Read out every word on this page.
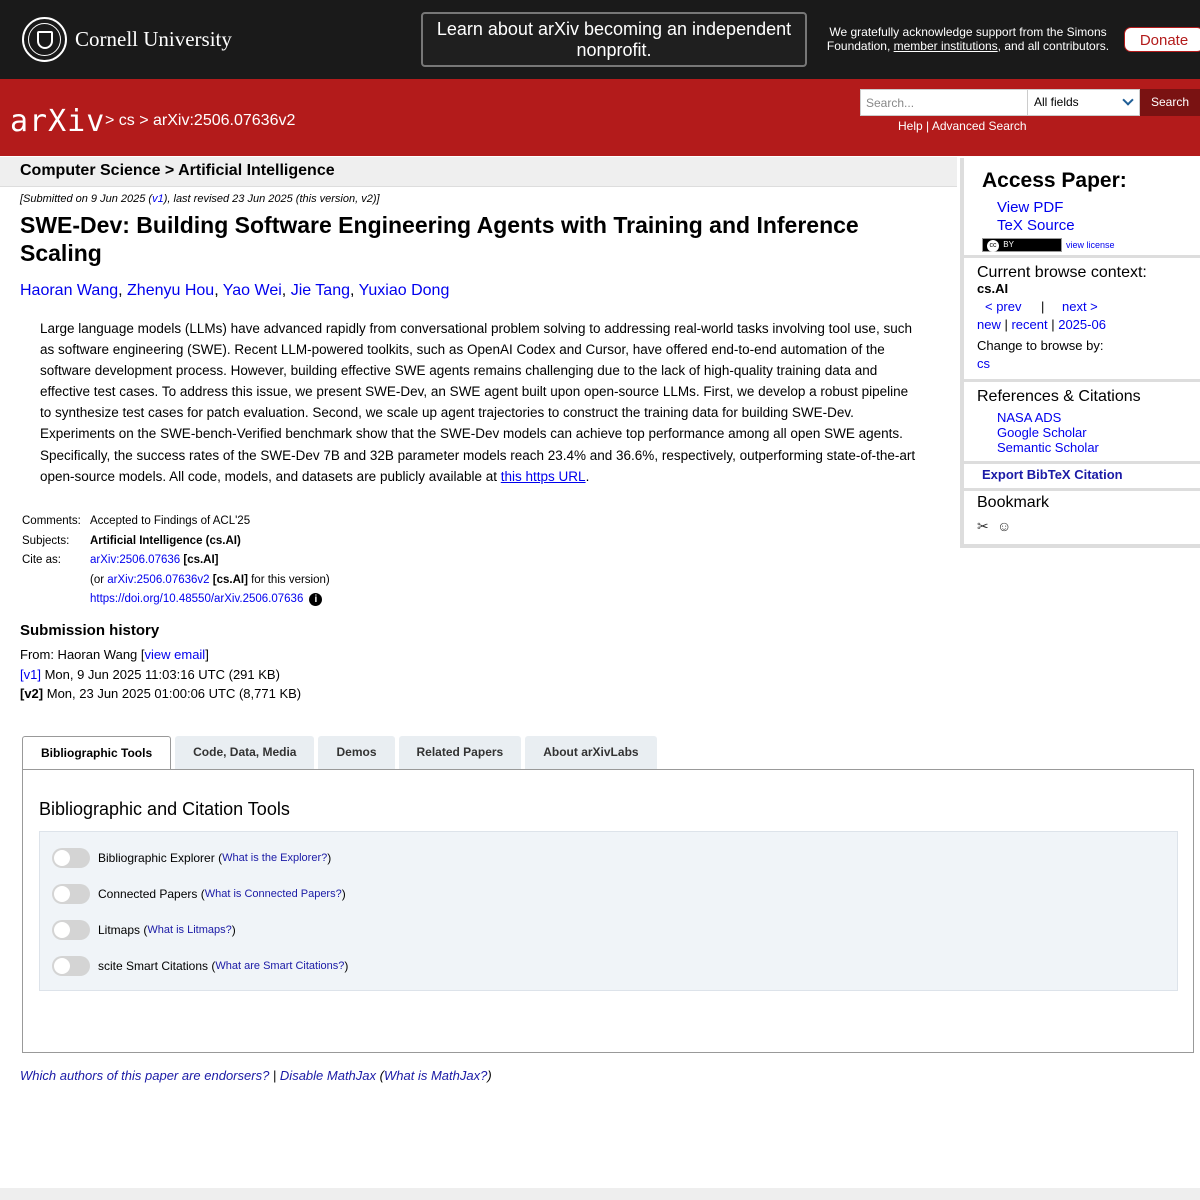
Cornell University	Learn about arXiv becoming an independent nonprofit.
We gratefully acknowledge support from the Simons Foundation, member institutions, and all contributors.	Donate
arXiv > cs > arXiv:2506.07636v2
Search...	All fields	Search
Help | Advanced Search
Computer Science > Artificial Intelligence
[Submitted on 9 Jun 2025 (v1), last revised 23 Jun 2025 (this version, v2)]
SWE-Dev: Building Software Engineering Agents with Training and Inference Scaling
Haoran Wang, Zhenyu Hou, Yao Wei, Jie Tang, Yuxiao Dong
Large language models (LLMs) have advanced rapidly from conversational problem solving to addressing real-world tasks involving tool use, such as software engineering (SWE). Recent LLM-powered toolkits, such as OpenAI Codex and Cursor, have offered end-to-end automation of the software development process. However, building effective SWE agents remains challenging due to the lack of high-quality training data and effective test cases. To address this issue, we present SWE-Dev, an SWE agent built upon open-source LLMs. First, we develop a robust pipeline to synthesize test cases for patch evaluation. Second, we scale up agent trajectories to construct the training data for building SWE-Dev. Experiments on the SWE-bench-Verified benchmark show that the SWE-Dev models can achieve top performance among all open SWE agents. Specifically, the success rates of the SWE-Dev 7B and 32B parameter models reach 23.4% and 36.6%, respectively, outperforming state-of-the-art open-source models. All code, models, and datasets are publicly available at this https URL.
Comments: Accepted to Findings of ACL'25
Subjects:	Artificial Intelligence (cs.AI)
Cite as:	arXiv:2506.07636 [cs.AI]
(or arXiv:2506.07636v2 [cs.AI] for this version)
https://doi.org/10.48550/arXiv.2506.07636 i
Submission history
From: Haoran Wang [view email]
[v1] Mon, 9 Jun 2025 11:03:16 UTC (291 KB)
[v2] Mon, 23 Jun 2025 01:00:06 UTC (8,771 KB)
Bibliographic Tools	Code, Data, Media	Demos	Related Papers	About arXivLabs
Bibliographic and Citation Tools
Bibliographic Explorer ( What is the Explorer? )
Connected Papers ( What is Connected Papers? )
Litmaps ( What is Litmaps? )
scite Smart Citations ( What are Smart Citations? )
Which authors of this paper are endorsers? | Disable MathJax (What is MathJax?)
Access Paper:
View PDF
TeX Source
cc BY	view license
Current browse context:
cs.AI
< prev | next >
new | recent | 2025-06
Change to browse by:
cs
References & Citations
NASA ADS
Google Scholar
Semantic Scholar
Export BibTeX Citation
Bookmark
✂ ☺
